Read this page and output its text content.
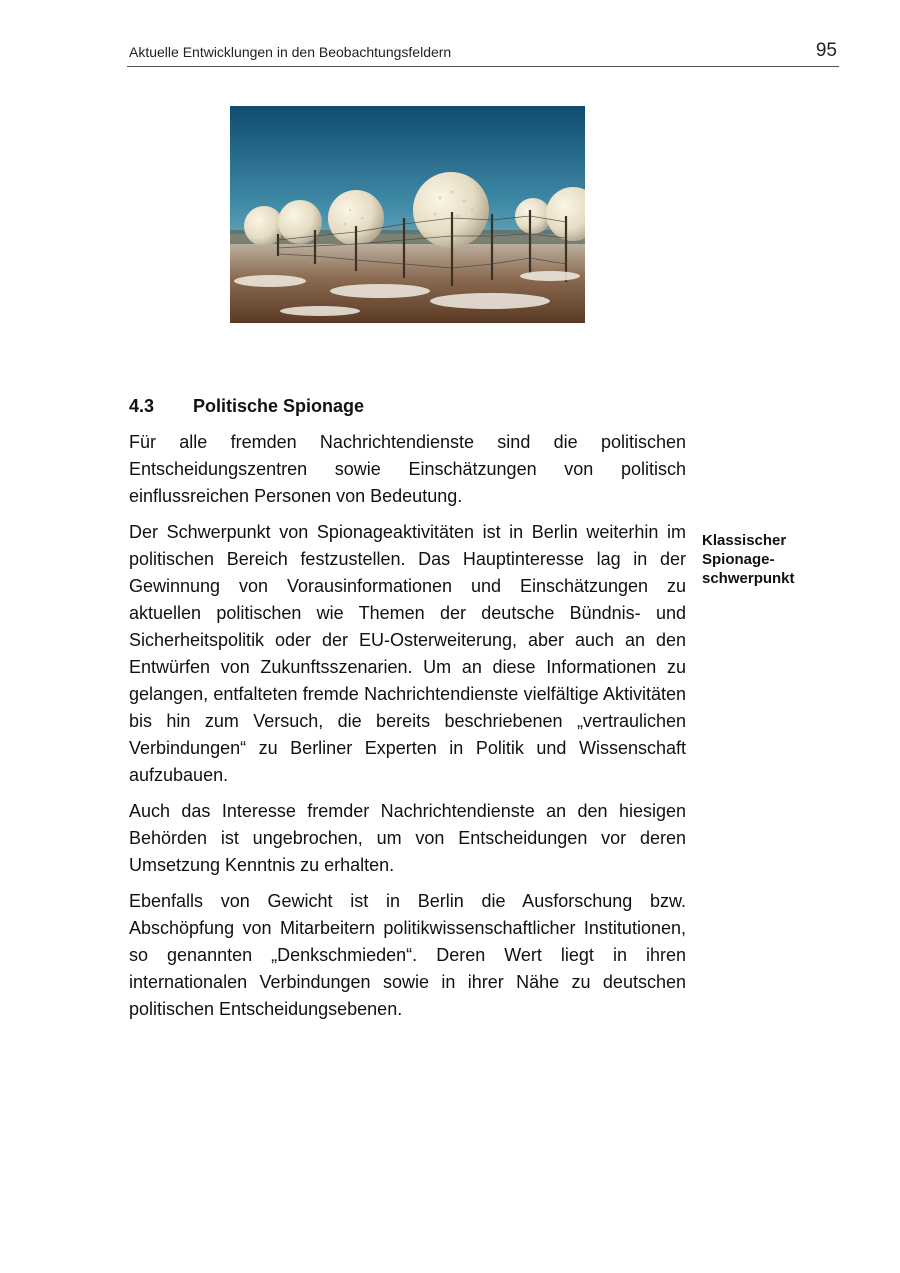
Aktuelle Entwicklungen in den Beobachtungsfeldern	95
4.3 Politische Spionage

Für alle fremden Nachrichtendienste sind die politischen Entscheidungszentren sowie Einschätzungen von politisch einflussreichen Personen von Bedeutung.

Der Schwerpunkt von Spionageaktivitäten ist in Berlin weiterhin im politischen Bereich festzustellen. Das Hauptinteresse lag in der Gewinnung von Vorausinformationen und Einschätzungen zu aktuellen politischen wie Themen der deutsche Bündnis- und Sicherheitspolitik oder der EU-Osterweiterung, aber auch an den Entwürfen von Zukunftsszenarien. Um an diese Informationen zu gelangen, entfalteten fremde Nachrichtendienste vielfältige Aktivitäten bis hin zum Versuch, die bereits beschriebenen „vertraulichen Verbindungen“ zu Berliner Experten in Politik und Wissenschaft aufzubauen.

Auch das Interesse fremder Nachrichtendienste an den hiesigen Behörden ist ungebrochen, um von Entscheidungen vor deren Umsetzung Kenntnis zu erhalten.

Ebenfalls von Gewicht ist in Berlin die Ausforschung bzw. Abschöpfung von Mitarbeitern politikwissenschaftlicher Institutionen, so genannten „Denkschmieden“. Deren Wert liegt in ihren internationalen Verbindungen sowie in ihrer Nähe zu deutschen politischen Entscheidungsebenen.

Klassischer
Spionage-
schwerpunkt
